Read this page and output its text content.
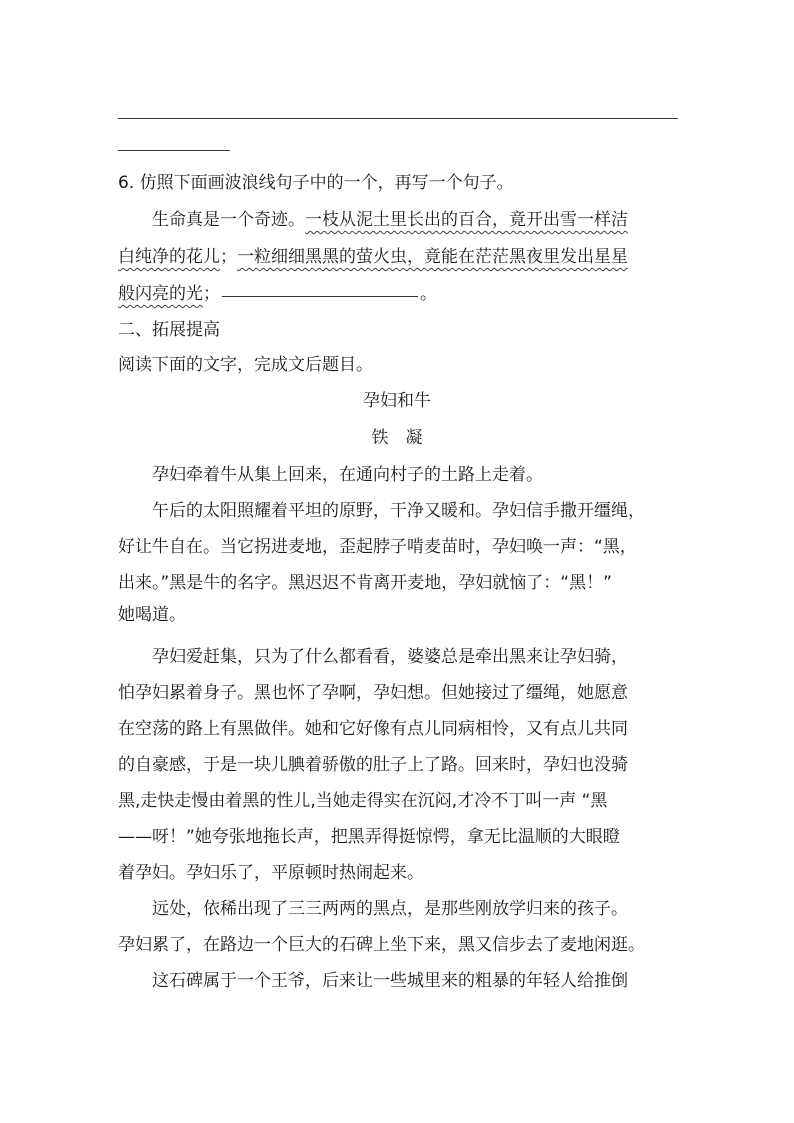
6. 仿照下面画波浪线句子中的一个，再写一个句子。
生命真是一个奇迹。一枝从泥土里长出的百合，竟开出雪一样洁
白纯净的花儿；一粒细细黑黑的萤火虫，竟能在茫茫黑夜里发出星星
般闪亮的光；	。
二、拓展提高
阅读下面的文字，完成文后题目。
孕妇和牛
铁　凝
孕妇牵着牛从集上回来，在通向村子的土路上走着。
午后的太阳照耀着平坦的原野，干净又暖和。孕妇信手撒开缰绳，
好让牛自在。当它拐进麦地，歪起脖子啃麦苗时，孕妇唤一声：“黑，
出来。”黑是牛的名字。黑迟迟不肯离开麦地，孕妇就恼了：“黑！”
她喝道。
孕妇爱赶集，只为了什么都看看，婆婆总是牵出黑来让孕妇骑，
怕孕妇累着身子。黑也怀了孕啊，孕妇想。但她接过了缰绳，她愿意
在空荡的路上有黑做伴。她和它好像有点儿同病相怜，又有点儿共同
的自豪感，于是一块儿腆着骄傲的肚子上了路。回来时，孕妇也没骑
黑,走快走慢由着黑的性儿,当她走得实在沉闷,才冷不丁叫一声 “黑
——呀！”她夸张地拖长声，把黑弄得挺惊愕，拿无比温顺的大眼瞪
着孕妇。孕妇乐了，平原顿时热闹起来。
远处，依稀出现了三三两两的黑点，是那些刚放学归来的孩子。
孕妇累了，在路边一个巨大的石碑上坐下来，黑又信步去了麦地闲逛。
这石碑属于一个王爷，后来让一些城里来的粗暴的年轻人给推倒
